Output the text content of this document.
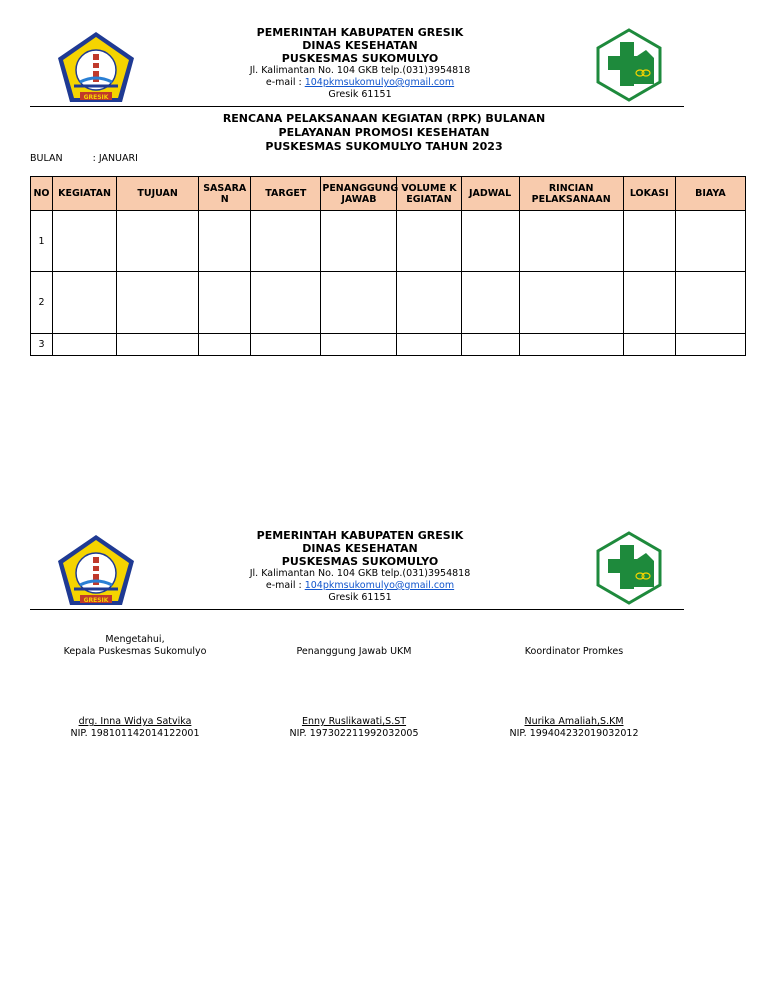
GRESIK
PEMERINTAH KABUPATEN GRESIK
DINAS KESEHATAN
PUSKESMAS SUKOMULYO
Jl. Kalimantan No. 104 GKB telp.(031)3954818
e-mail : 104pkmsukomulyo@gmail.com
Gresik 61151
RENCANA PELAKSANAAN KEGIATAN (RPK) BULANAN
PELAYANAN PROMOSI KESEHATAN
PUSKESMAS SUKOMULYO TAHUN 2023
BULAN	: JANUARI
NO	KEGIATAN	TUJUAN	SASARAN	TARGET	PENANGGUNG JAWAB	VOLUME KEGIATAN	JADWAL	RINCIAN PELAKSANAAN	LOKASI	BIAYA
1										
2										
3										
GRESIK
PEMERINTAH KABUPATEN GRESIK
DINAS KESEHATAN
PUSKESMAS SUKOMULYO
Jl. Kalimantan No. 104 GKB telp.(031)3954818
e-mail : 104pkmsukomulyo@gmail.com
Gresik 61151
Mengetahui,
Kepala Puskesmas Sukomulyo
drg. Inna Widya Satvika
NIP. 198101142014122001
Penanggung Jawab UKM
Enny Ruslikawati,S.ST
NIP. 197302211992032005
Koordinator Promkes
Nurika Amaliah,S.KM
NIP. 199404232019032012
